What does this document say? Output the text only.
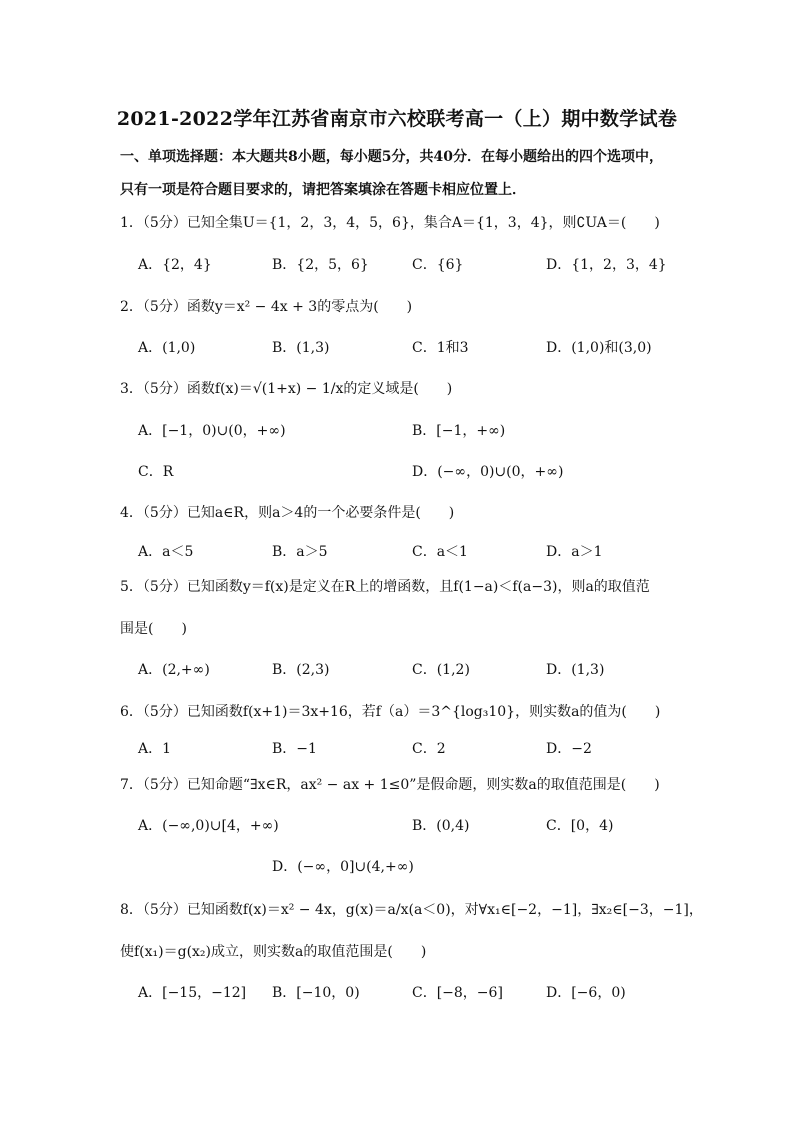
2021-2022学年江苏省南京市六校联考高一（上）期中数学试卷
一、单项选择题：本大题共8小题，每小题5分，共40分．在每小题给出的四个选项中，
只有一项是符合题目要求的，请把答案填涂在答题卡相应位置上．
1．（5分）已知全集U＝{1，2，3，4，5，6}，集合A＝{1，3，4}，则∁UA＝(　　)
A．{2，4}	B．{2，5，6}	C．{6}	D．{1，2，3，4}
2．（5分）函数y＝x² − 4x + 3的零点为(　　)
A．(1,0)	B．(1,3)	C．1和3	D．(1,0)和(3,0)
3．（5分）函数f(x)＝√(1+x) − 1/x的定义域是(　　)
A．[−1，0)∪(0，+∞)	B．[−1，+∞)
C．R	D．(−∞，0)∪(0，+∞)
4．（5分）已知a∈R，则a＞4的一个必要条件是(　　)
A．a＜5	B．a＞5	C．a＜1	D．a＞1
5．（5分）已知函数y＝f(x)是定义在R上的增函数，且f(1−a)＜f(a−3)，则a的取值范
围是(　　)
A．(2,+∞)	B．(2,3)	C．(1,2)	D．(1,3)
6．（5分）已知函数f(x+1)＝3x+16，若f（a）＝3^{log₃10}，则实数a的值为(　　)
A．1	B．−1	C．2	D．−2
7．（5分）已知命题“∃x∈R，ax² − ax + 1≤0”是假命题，则实数a的取值范围是(　　)
A．(−∞,0)∪[4，+∞)	B．(0,4)	C．[0，4)
D．(−∞，0]∪(4,+∞)
8．（5分）已知函数f(x)＝x² − 4x，g(x)＝a/x(a＜0)，对∀x₁∈[−2，−1]，∃x₂∈[−3，−1]，
使f(x₁)＝g(x₂)成立，则实数a的取值范围是(　　)
A．[−15，−12] B．[−10，0)	C．[−8，−6]	D．[−6，0)
